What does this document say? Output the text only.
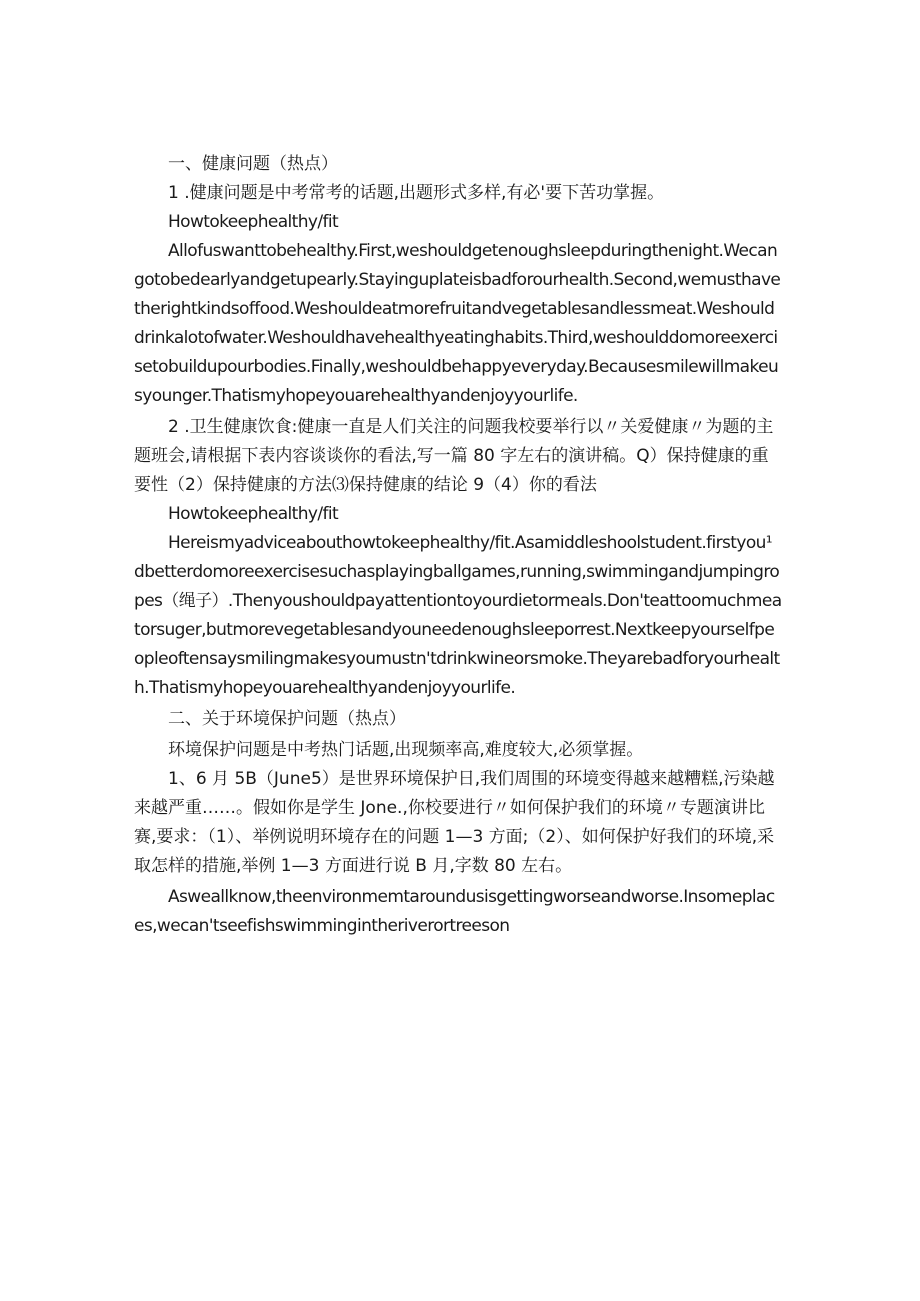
一、健康问题（热点）

1 .健康问题是中考常考的话题,出题形式多样,有必'要下苦功掌握。

Howtokeephealthy/fit

Allofuswanttobehealthy.First,weshouldgetenoughsleepduringthenight.Wecangotobedearlyandgetupearly.Stayinguplateisbadforourhealth.Second,wemusthavetherightkindsoffood.Weshouldeatmorefruitandvegetablesandlessmeat.Weshoulddrinkalotofwater.Weshouldhavehealthyeatinghabits.Third,weshoulddomoreexercisetobuildupourbodies.Finally,weshouldbehappyeveryday.Becausesmilewillmakeusyounger.Thatismyhopeyouarehealthyandenjoyyourlife.

2 .卫生健康饮食:健康一直是人们关注的问题我校要举行以〃关爱健康〃为题的主题班会,请根据下表内容谈谈你的看法,写一篇 80 字左右的演讲稿。Q）保持健康的重要性（2）保持健康的方法⑶保持健康的结论 9（4）你的看法

Howtokeephealthy/fit

Hereismyadviceabouthowtokeephealthy/fit.Asamiddleshoolstudent.firstyou¹dbetterdomoreexercisesuchasplayingballgames,running,swimmingandjumpingropes（绳子）.Thenyoushouldpayattentiontoyourdietormeals.Don'teattoomuchmeatorsuger,butmorevegetablesandyouneedenoughsleeporrest.Nextkeepyourselfpeopleoftensaysmilingmakesyoumustn'tdrinkwineorsmoke.Theyarebadforyourhealth.Thatismyhopeyouarehealthyandenjoyyourlife.

二、关于环境保护问题（热点）

环境保护问题是中考热门话题,出现频率高,难度较大,必须掌握。

1、6 月 5B（June5）是世界环境保护日,我们周围的环境变得越来越糟糕,污染越来越严重……。假如你是学生 Jone.,你校要进行〃如何保护我们的环境〃专题演讲比赛,要求：（1）、举例说明环境存在的问题 1—3 方面;（2）、如何保护好我们的环境,采取怎样的措施,举例 1—3 方面进行说 B 月,字数 80 左右。

Asweallknow,theenvironmemtaroundusisgettingworseandworse.Insomeplaces,wecan'tseefishswimmingintheriverortreeson
